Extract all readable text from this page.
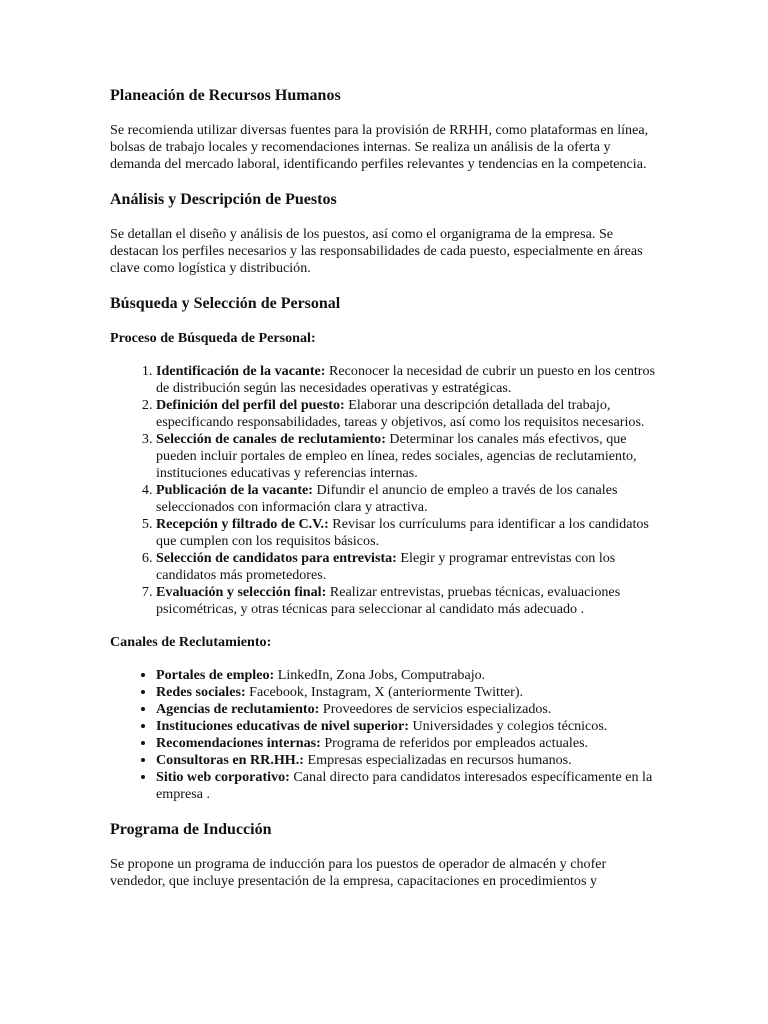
Planeación de Recursos Humanos

Se recomienda utilizar diversas fuentes para la provisión de RRHH, como plataformas en línea, bolsas de trabajo locales y recomendaciones internas. Se realiza un análisis de la oferta y demanda del mercado laboral, identificando perfiles relevantes y tendencias en la competencia.

Análisis y Descripción de Puestos

Se detallan el diseño y análisis de los puestos, así como el organigrama de la empresa. Se destacan los perfiles necesarios y las responsabilidades de cada puesto, especialmente en áreas clave como logística y distribución.

Búsqueda y Selección de Personal
Proceso de Búsqueda de Personal:
1. Identificación de la vacante: Reconocer la necesidad de cubrir un puesto en los centros de distribución según las necesidades operativas y estratégicas.
2. Definición del perfil del puesto: Elaborar una descripción detallada del trabajo, especificando responsabilidades, tareas y objetivos, así como los requisitos necesarios.
3. Selección de canales de reclutamiento: Determinar los canales más efectivos, que pueden incluir portales de empleo en línea, redes sociales, agencias de reclutamiento, instituciones educativas y referencias internas.
4. Publicación de la vacante: Difundir el anuncio de empleo a través de los canales seleccionados con información clara y atractiva.
5. Recepción y filtrado de C.V.: Revisar los currículums para identificar a los candidatos que cumplen con los requisitos básicos.
6. Selección de candidatos para entrevista: Elegir y programar entrevistas con los candidatos más prometedores.
7. Evaluación y selección final: Realizar entrevistas, pruebas técnicas, evaluaciones psicométricas, y otras técnicas para seleccionar al candidato más adecuado .
Canales de Reclutamiento:
• Portales de empleo: LinkedIn, Zona Jobs, Computrabajo.
• Redes sociales: Facebook, Instagram, X (anteriormente Twitter).
• Agencias de reclutamiento: Proveedores de servicios especializados.
• Instituciones educativas de nivel superior: Universidades y colegios técnicos.
• Recomendaciones internas: Programa de referidos por empleados actuales.
• Consultoras en RR.HH.: Empresas especializadas en recursos humanos.
• Sitio web corporativo: Canal directo para candidatos interesados específicamente en la empresa .
Programa de Inducción

Se propone un programa de inducción para los puestos de operador de almacén y chofer vendedor, que incluye presentación de la empresa, capacitaciones en procedimientos y
